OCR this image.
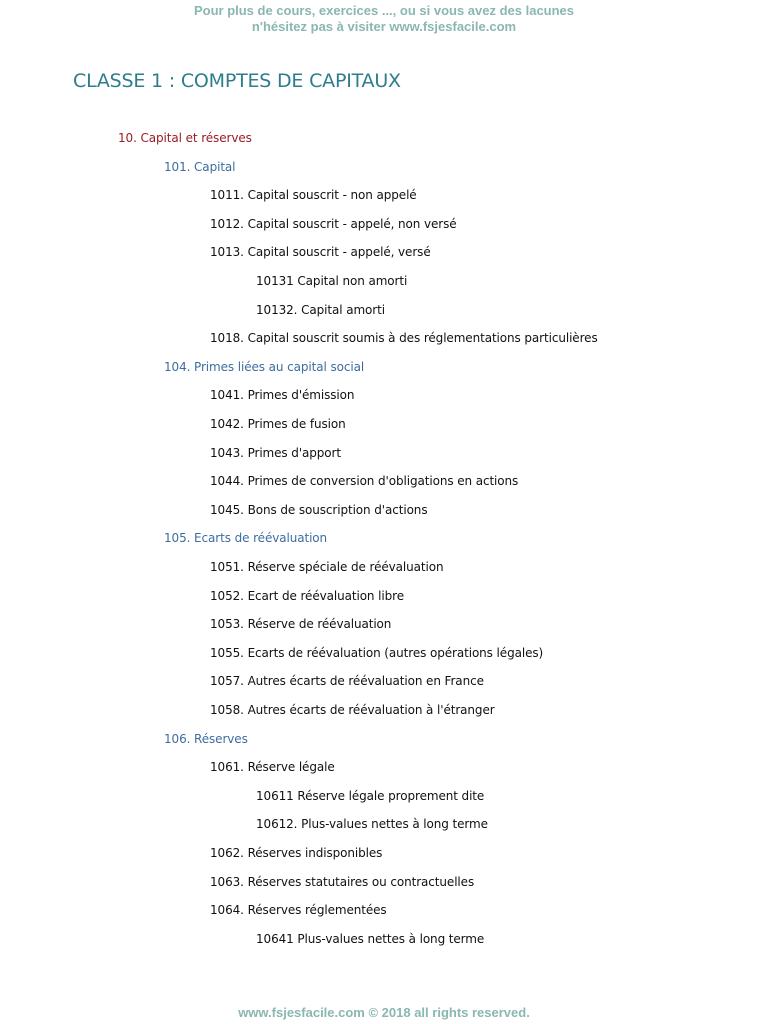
Pour plus de cours, exercices ..., ou si vous avez des lacunes
n'hésitez pas à visiter www.fsjesfacile.com
CLASSE 1 : COMPTES DE CAPITAUX
10. Capital et réserves
101. Capital
1011. Capital souscrit - non appelé
1012. Capital souscrit - appelé, non versé
1013. Capital souscrit - appelé, versé
10131 Capital non amorti
10132. Capital amorti
1018. Capital souscrit soumis à des réglementations particulières
104. Primes liées au capital social
1041. Primes d'émission
1042. Primes de fusion
1043. Primes d'apport
1044. Primes de conversion d'obligations en actions
1045. Bons de souscription d'actions
105. Ecarts de réévaluation
1051. Réserve spéciale de réévaluation
1052. Ecart de réévaluation libre
1053. Réserve de réévaluation
1055. Ecarts de réévaluation (autres opérations légales)
1057. Autres écarts de réévaluation en France
1058. Autres écarts de réévaluation à l'étranger
106. Réserves
1061. Réserve légale
10611 Réserve légale proprement dite
10612. Plus-values nettes à long terme
1062. Réserves indisponibles
1063. Réserves statutaires ou contractuelles
1064. Réserves réglementées
10641 Plus-values nettes à long terme
www.fsjesfacile.com © 2018 all rights reserved.
